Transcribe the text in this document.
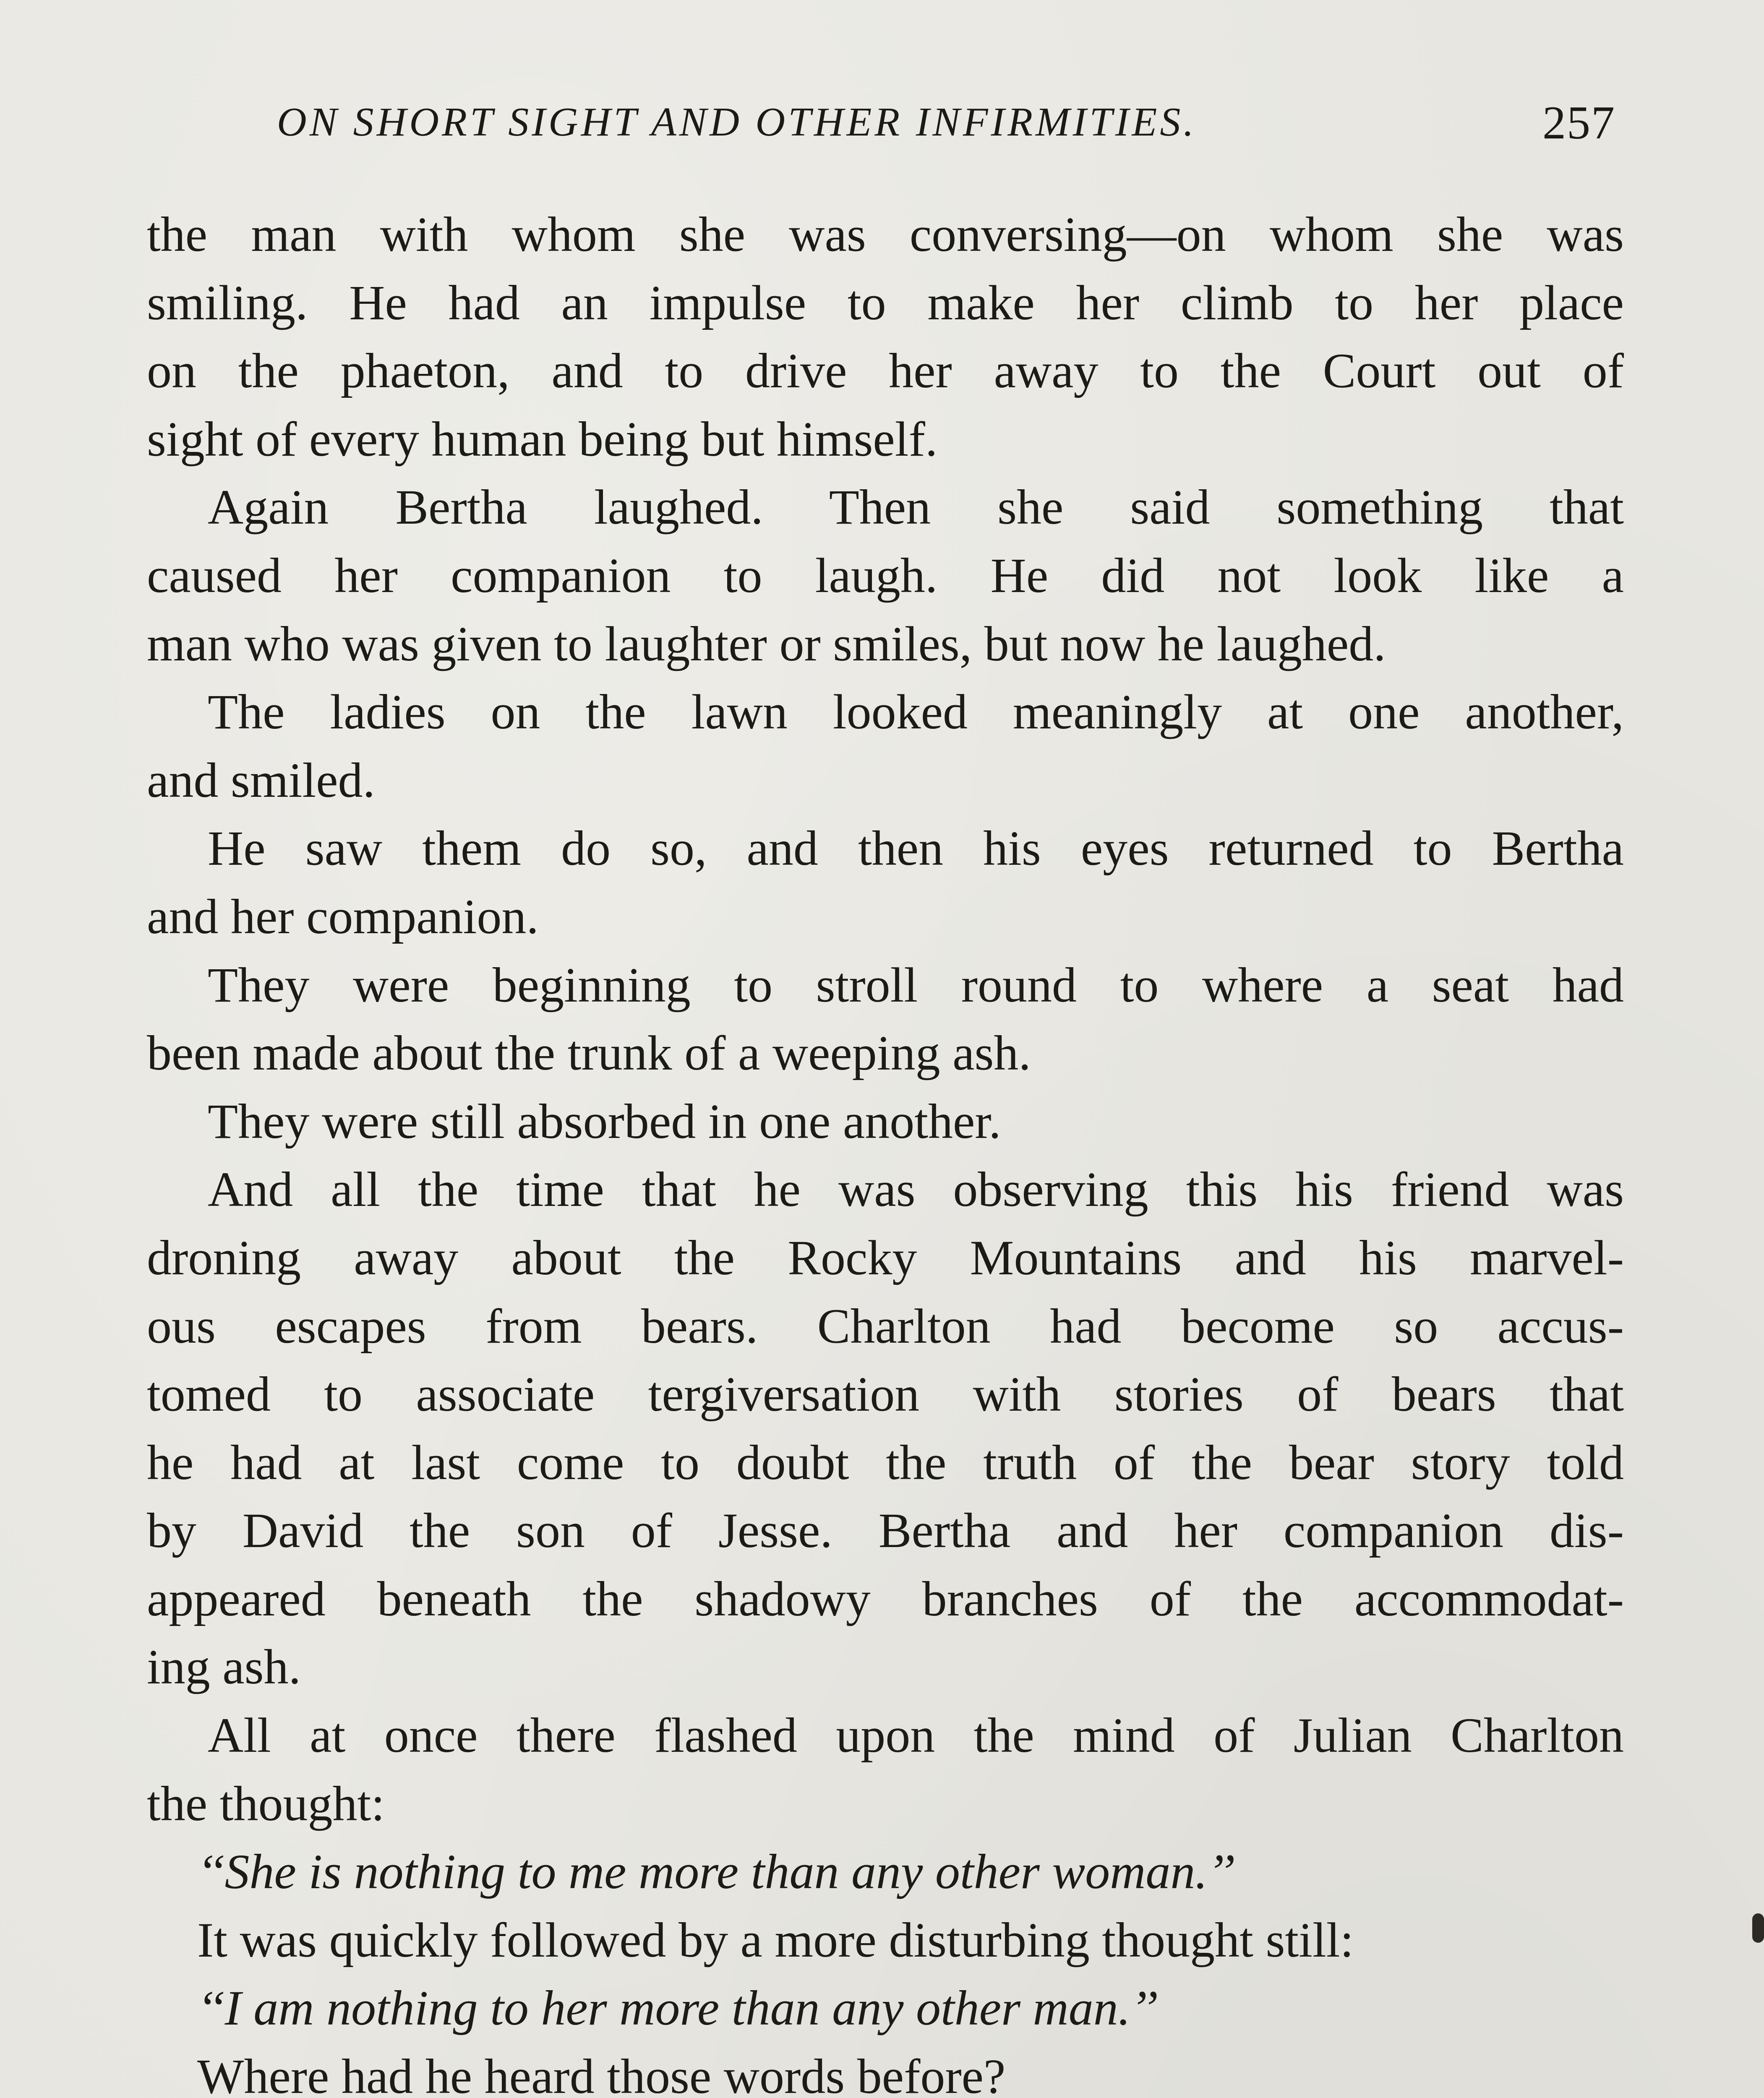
ON SHORT SIGHT AND OTHER INFIRMITIES.	257
the man with whom she was conversing—on whom she was
smiling. He had an impulse to make her climb to her place
on the phaeton, and to drive her away to the Court out of
sight of every human being but himself.
Again Bertha laughed. Then she said something that
caused her companion to laugh. He did not look like a
man who was given to laughter or smiles, but now he laughed.
The ladies on the lawn looked meaningly at one another,
and smiled.
He saw them do so, and then his eyes returned to Bertha
and her companion.
They were beginning to stroll round to where a seat had
been made about the trunk of a weeping ash.
They were still absorbed in one another.
And all the time that he was observing this his friend was
droning away about the Rocky Mountains and his marvel-
ous escapes from bears. Charlton had become so accus-
tomed to associate tergiversation with stories of bears that
he had at last come to doubt the truth of the bear story told
by David the son of Jesse. Bertha and her companion dis-
appeared beneath the shadowy branches of the accommodat-
ing ash.
All at once there flashed upon the mind of Julian Charlton
the thought:
‘‘She is nothing to me more than any other woman.’’
It was quickly followed by a more disturbing thought still:
‘‘I am nothing to her more than any other man.’’
Where had he heard those words before?
